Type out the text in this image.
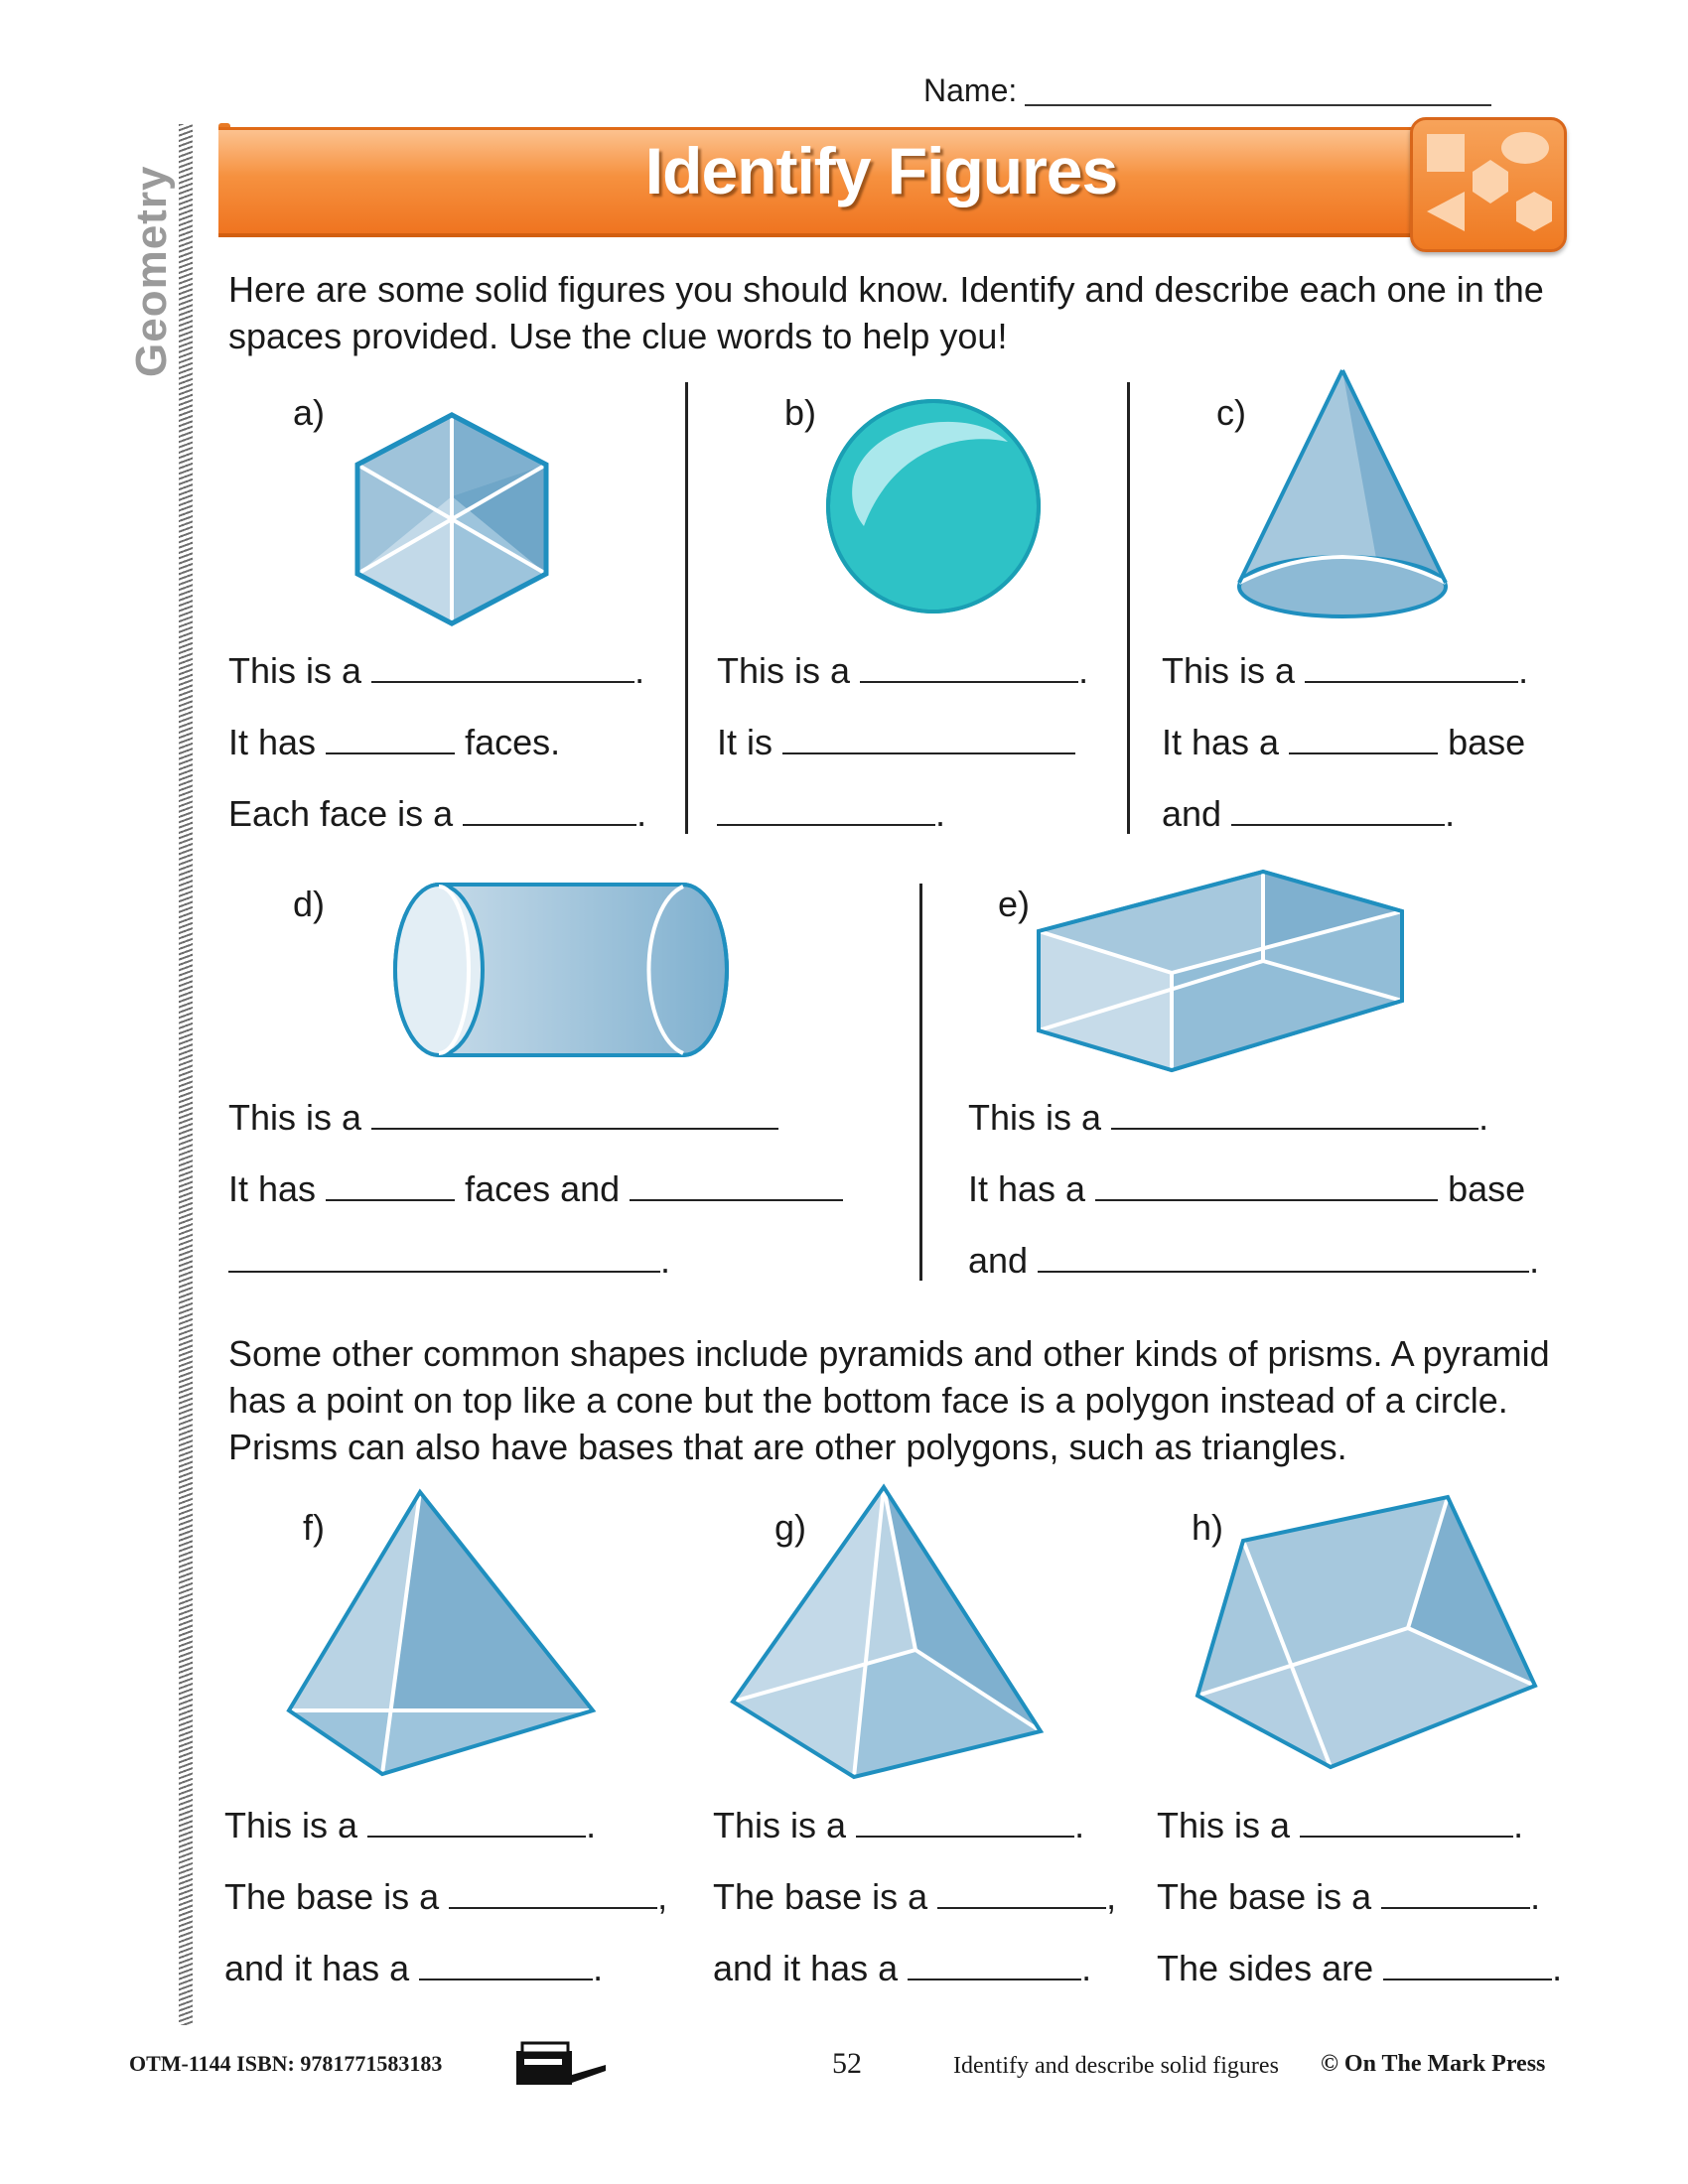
Geometry
Name:
Identify Figures
Here are some solid figures you should know. Identify and describe each one in the spaces provided. Use the clue words to help you!
a)
This is a	.
It has	faces.
Each face is a	.
b)
This is a	.
It is
.
c)
This is a	.
It has a	base
and	.
d)
This is a
It has	faces and
.
e)
This is a	.
It has a	base
and	.
Some other common shapes include pyramids and other kinds of prisms. A pyramid has a point on top like a cone but the bottom face is a polygon instead of a circle. Prisms can also have bases that are other polygons, such as triangles.
f)
This is a	.
The base is a	,
and it has a	.
g)
This is a	.
The base is a	,
and it has a	.
h)
This is a	.
The base is a	.
The sides are	.
OTM-1144 ISBN: 9781771583183	52	Identify and describe solid figures © On The Mark Press
